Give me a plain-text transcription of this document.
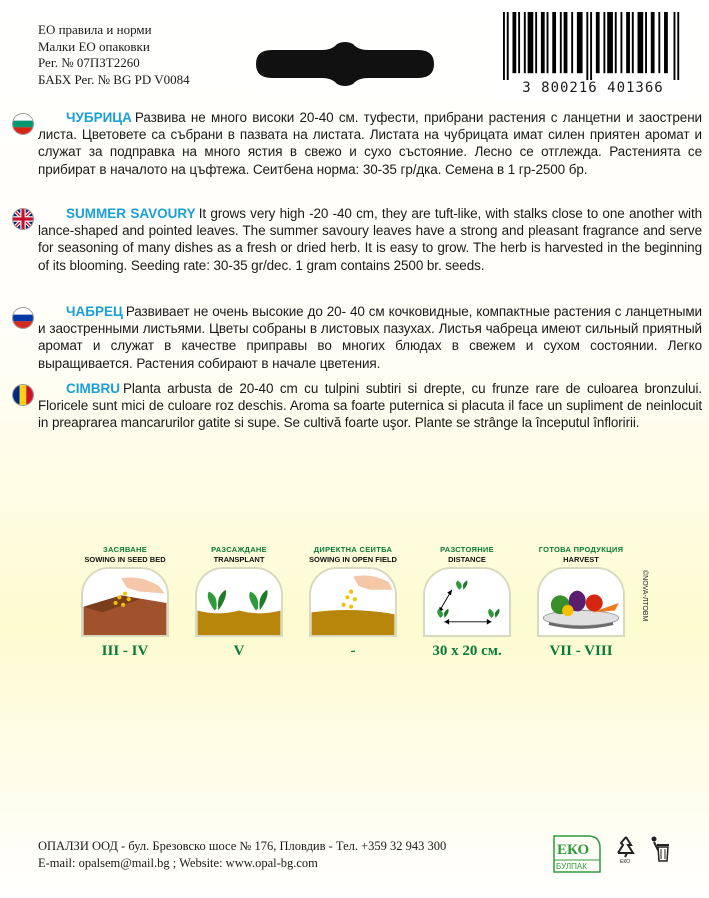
ЕО правила и норми
Малки ЕО опаковки
Рег. № 07ПЗТ2260
БАБХ Рег. № BG PD V0084
3 800216 401366

ЧУБРИЦА Развива не много високи 20-40 см. туфести, прибрани растения с ланцетни и заострени листа. Цветовете са събрани в пазвата на листата. Листата на чубрицата имат силен приятен аромат и служат за подправка на много ястия в свежо и сухо състояние. Лесно се отглежда. Растенията се прибират в началото на цъфтежа. Сеитбена норма: 30-35 гр/дка. Семена в 1 гр-2500 бр.

SUMMER SAVOURY It grows very high -20 -40 cm, they are tuft-like, with stalks close to one another with lance-shaped and pointed leaves. The summer savoury leaves have a strong and pleasant fragrance and serve for seasoning of many dishes as a fresh or dried herb. It is easy to grow. The herb is harvested in the beginning of its blooming. Seeding rate: 30-35 gr/dec. 1 gram contains 2500 br. seeds.

ЧАБРЕЦ Развивает не очень высокие до 20- 40 см кочковидные, компактные растения с ланцетными и заостренными листьями. Цветы собраны в листовых пазухах. Листья чабреца имеют сильный приятный аромат и служат в качестве приправы во многих блюдах в свежем и сухом состоянии. Легко выращивается. Растения собирают в начале цветения.

CIMBRU Planta arbusta de 20-40 cm cu tulpini subtiri si drepte, cu frunze rare de culoarea bronzului. Floricele sunt mici de culoare roz deschis. Aroma sa foarte puternica si placuta il face un supliment de neinlocuit in preaprarea mancarurilor gatite si supe. Se cultivă foarte uşor. Plante se strânge la începutul înfloririi.

ЗАСЯВАНЕ
SOWING IN SEED BED
III - IV
РАЗСАЖДАНЕ
TRANSPLANT
V
ДИРЕКТНА СЕИТБА
SOWING IN OPEN FIELD
-
РАЗСТОЯНИЕ
DISTANCE
30 x 20 см.
ГОТОВА ПРОДУКЦИЯ
HARVEST
VII - VIII
©NOVA-ЛТОВМ
ОПАЛЗИ ООД - бул. Брезовско шосе № 176, Пловдив - Тел. +359 32 943 300
E-mail: opalsem@mail.bg ; Website: www.opal-bg.com
ЕКО
БУЛПАК	ЕКО
